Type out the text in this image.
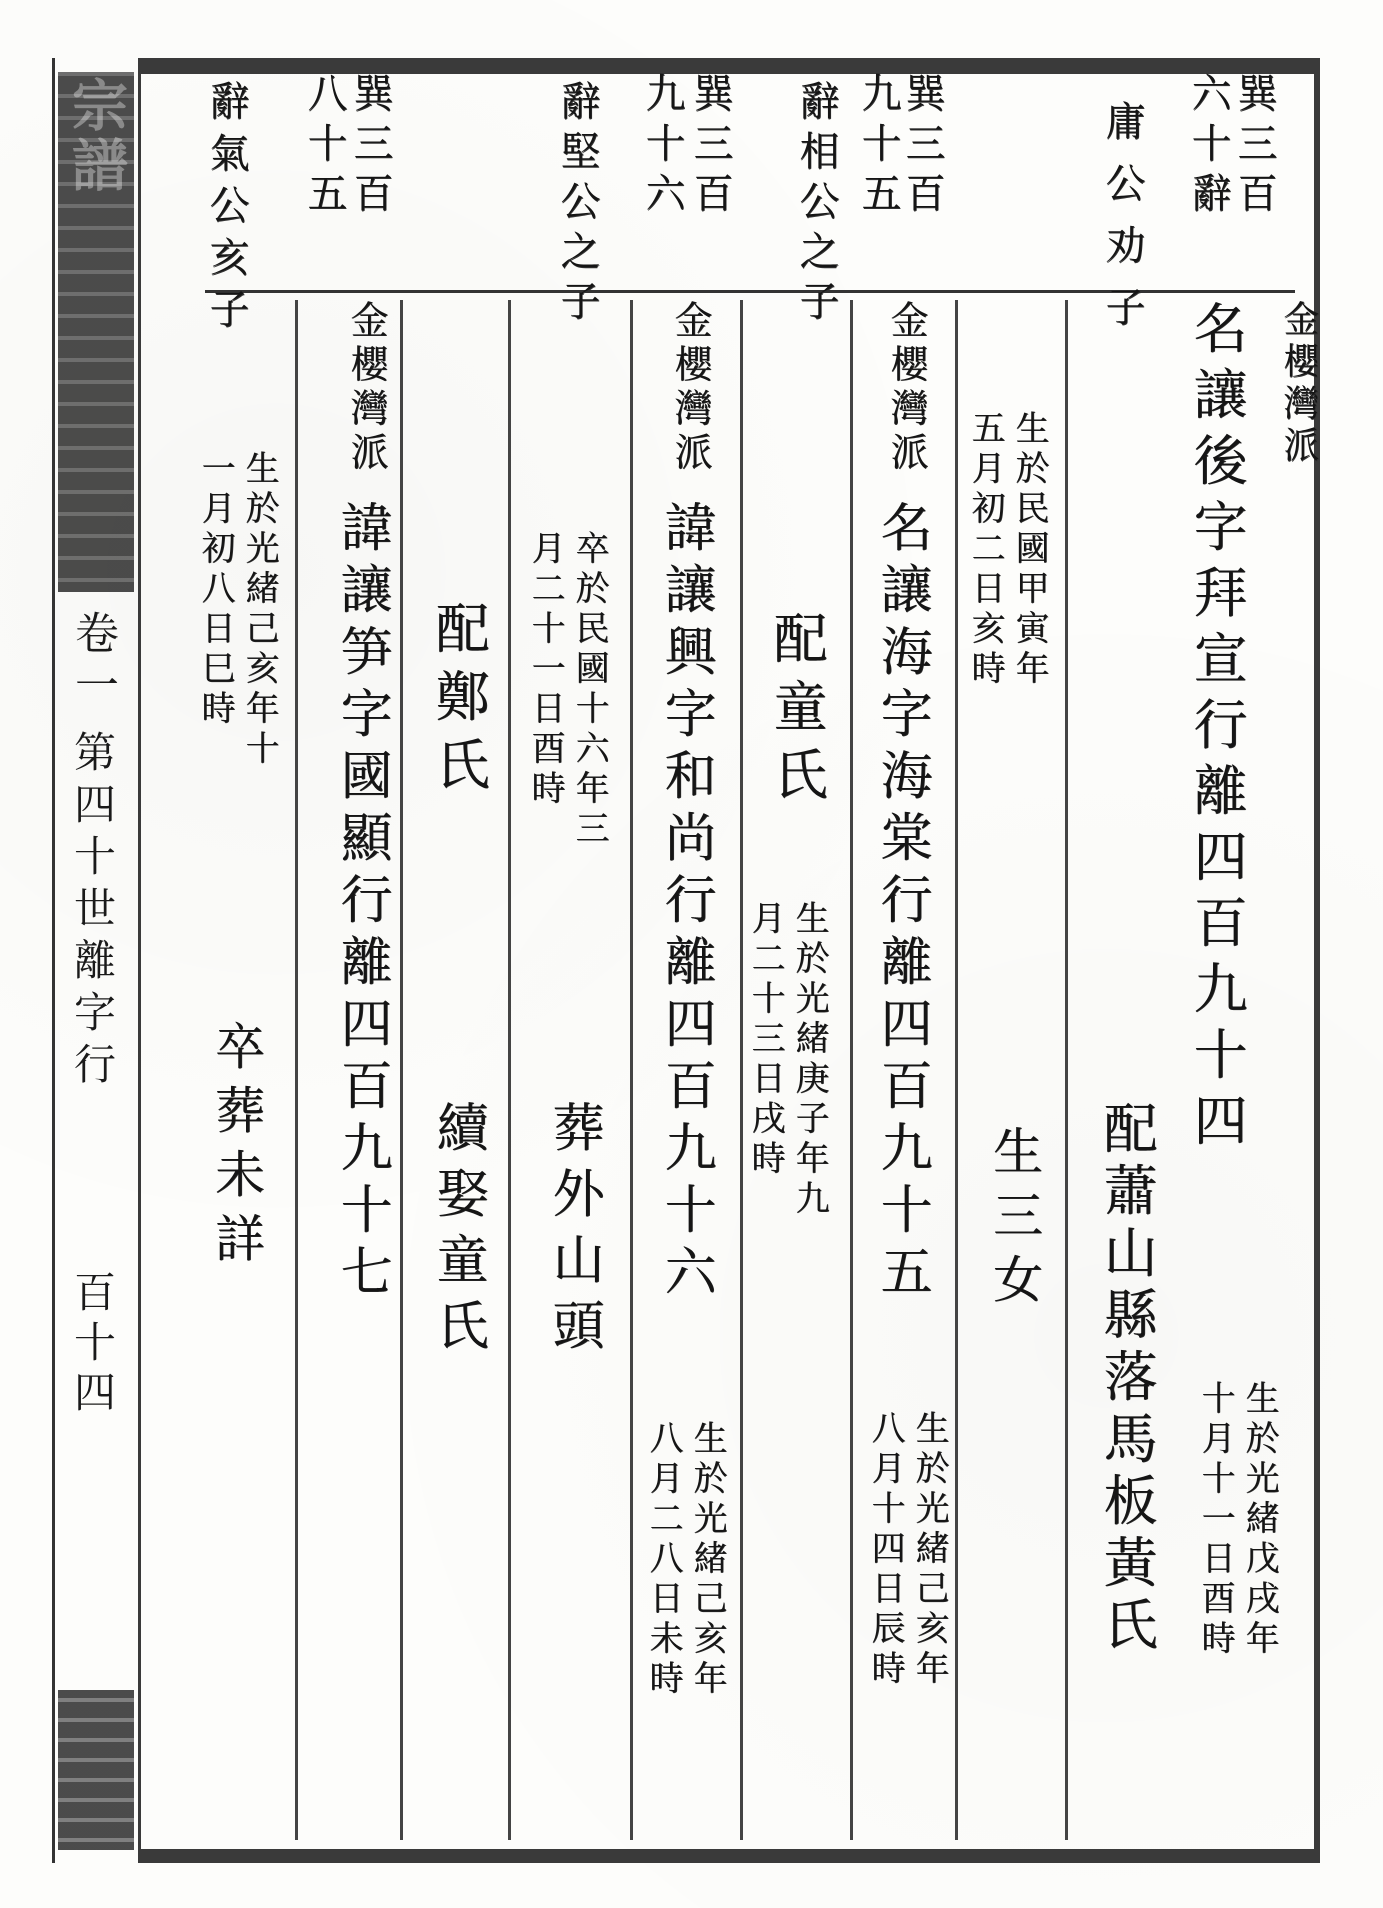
宗譜
卷一
第四十世離字行
百十四
巽三百
六十辭
庸公劝子
巽三百
九十五
辭相公之子
巽三百
九十六
辭堅公之子
巽三百
八十五
辭氣公亥子
金櫻灣派
名讓後字拜宣行離四百九十四
生於光緒戊戌年
十月十一日酉時
配蕭山縣落馬板黃氏
生於民國甲寅年
五月初二日亥時
生三女
金櫻灣派
名讓海字海棠行離四百九十五
生於光緒己亥年
八月十四日辰時
配童氏
生於光緒庚子年九
月二十三日戌時
金櫻灣派
諱讓興字和尚行離四百九十六
生於光緒己亥年
八月二八日未時
卒於民國十六年三
月二十一日酉時
葬外山頭
金櫻灣派
諱讓笋字國顯行離四百九十七
生於光緒己亥年十
一月初八日巳時	配鄭氏
續娶童氏
卒葬未詳
